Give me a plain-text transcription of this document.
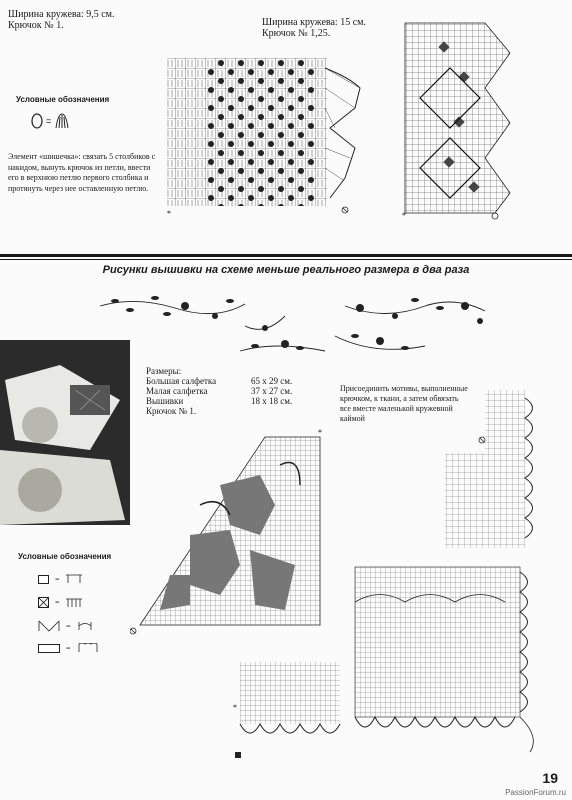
Ширина кружева: 9,5 см.
Крючок № 1.	Ширина кружева: 15 см.
Крючок № 1,25.
Условные обозначения
=
Элемент «шишечка»: связать 5 столбиков с накидом, вынуть крючок из петли, ввести его в верхнюю петлю первого столбика и протянуть через нее оставленную петлю.
*	*
Рисунки вышивки на схеме меньше реального размера в два раза
Размеры:
Большая салфетка	65 х 29 см.
Малая салфетка	37 х 27 см.
Вышивки	18 х 18 см.
Крючок № 1.
Присоединить мотивы, выполненные крючком, к ткани, а затем обвязать все вместе маленькой кружевной каймой
*
*
Условные обозначения
=
=
=
=
19
PassionForum.ru
